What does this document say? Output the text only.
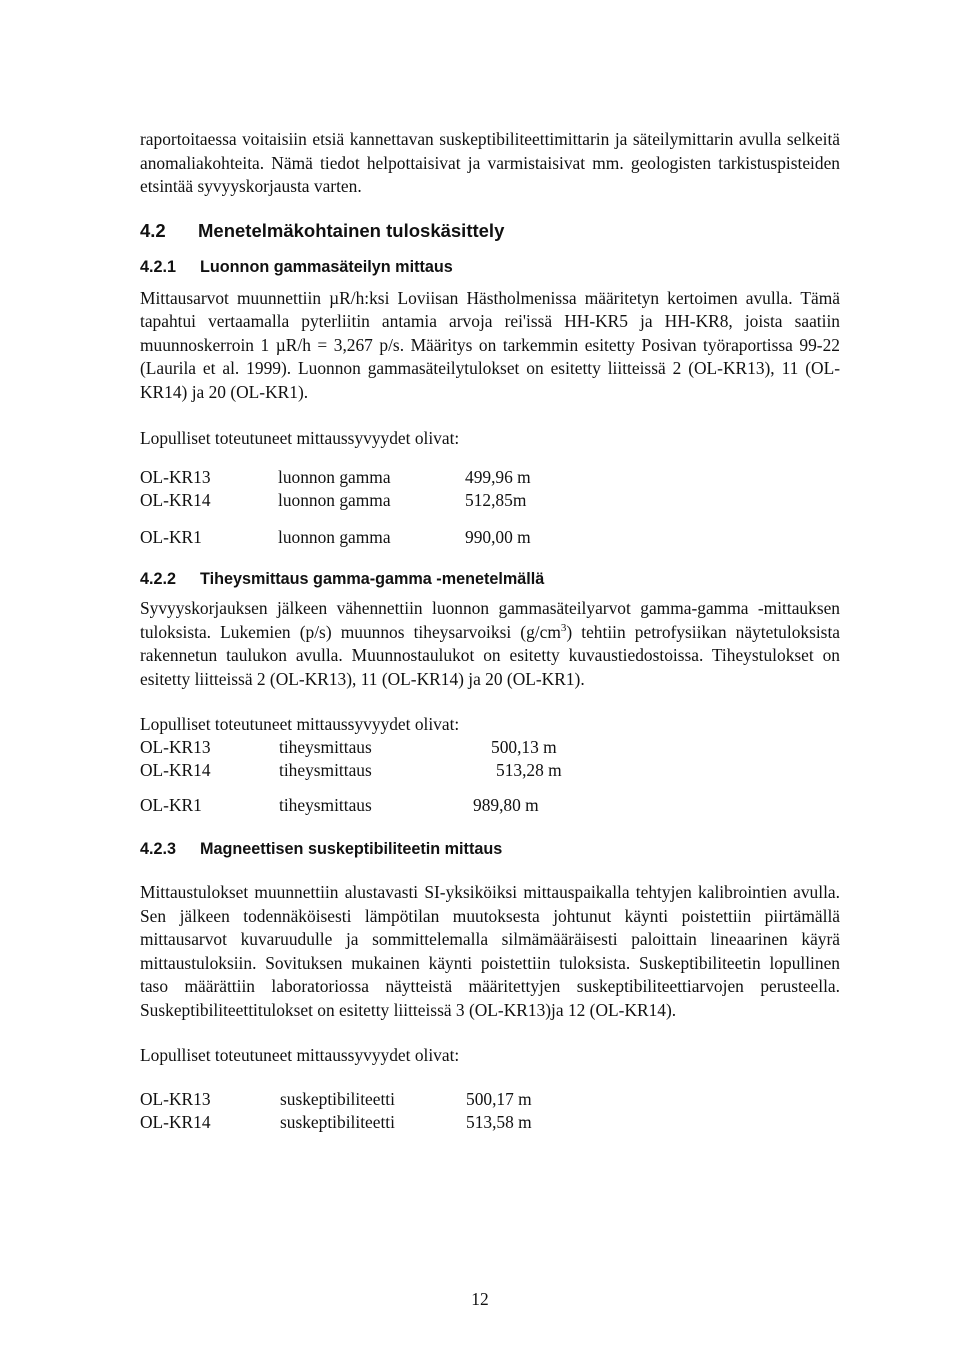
raportoitaessa voitaisiin etsiä kannettavan suskeptibiliteettimittarin ja säteilymittarin avulla selkeitä anomaliakohteita. Nämä tiedot helpottaisivat ja varmistaisivat mm. geologisten tarkistuspisteiden etsintää syvyyskorjausta varten.

4.2 Menetelmäkohtainen tuloskäsittely
4.2.1 Luonnon gammasäteilyn mittaus

Mittausarvot muunnettiin µR/h:ksi Loviisan Hästholmenissa määritetyn kertoimen avulla. Tämä tapahtui vertaamalla pyterliitin antamia arvoja rei'issä HH-KR5 ja HH-KR8, joista saatiin muunnoskerroin 1 µR/h = 3,267 p/s. Määritys on tarkemmin esitetty Posivan työraportissa 99-22 (Laurila et al. 1999). Luonnon gammasäteilytulokset on esitetty liitteissä 2 (OL-KR13), 11 (OL-KR14) ja 20 (OL-KR1).

Lopulliset toteutuneet mittaussyvyydet olivat:
OL-KR13	luonnon gamma	499,96 m
OL-KR14	luonnon gamma	512,85m
OL-KR1	luonnon gamma	990,00 m
4.2.2 Tiheysmittaus gamma-gamma -menetelmällä

Syvyyskorjauksen jälkeen vähennettiin luonnon gammasäteilyarvot gamma-gamma -mittauksen tuloksista. Lukemien (p/s) muunnos tiheysarvoiksi $(g/cm^3)$ tehtiin petrofysiikan näytetuloksista rakennetun taulukon avulla. Muunnostaulukot on esitetty kuvaustiedostoissa. Tiheystulokset on esitetty liitteissä 2 (OL-KR13), 11 (OL-KR14) ja 20 (OL-KR1).

Lopulliset toteutuneet mittaussyvyydet olivat:
OL-KR13	tiheysmittaus	500,13 m
OL-KR14	tiheysmittaus	513,28 m
OL-KR1	tiheysmittaus	989,80 m
4.2.3 Magneettisen suskeptibiliteetin mittaus

Mittaustulokset muunnettiin alustavasti SI-yksiköiksi mittauspaikalla tehtyjen kalibrointien avulla. Sen jälkeen todennäköisesti lämpötilan muutoksesta johtunut käynti poistettiin piirtämällä mittausarvot kuvaruudulle ja sommittelemalla silmämääräisesti paloittain lineaarinen käyrä mittaustuloksiin. Sovituksen mukainen käynti poistettiin tuloksista. Suskeptibiliteetin lopullinen taso määrättiin laboratoriossa näytteistä määritettyjen suskeptibiliteettiarvojen perusteella. Suskeptibiliteettitulokset on esitetty liitteissä 3 (OL-KR13)ja 12 (OL-KR14).

Lopulliset toteutuneet mittaussyvyydet olivat:
OL-KR13	suskeptibiliteetti	500,17 m
OL-KR14	suskeptibiliteetti	513,58 m
12
